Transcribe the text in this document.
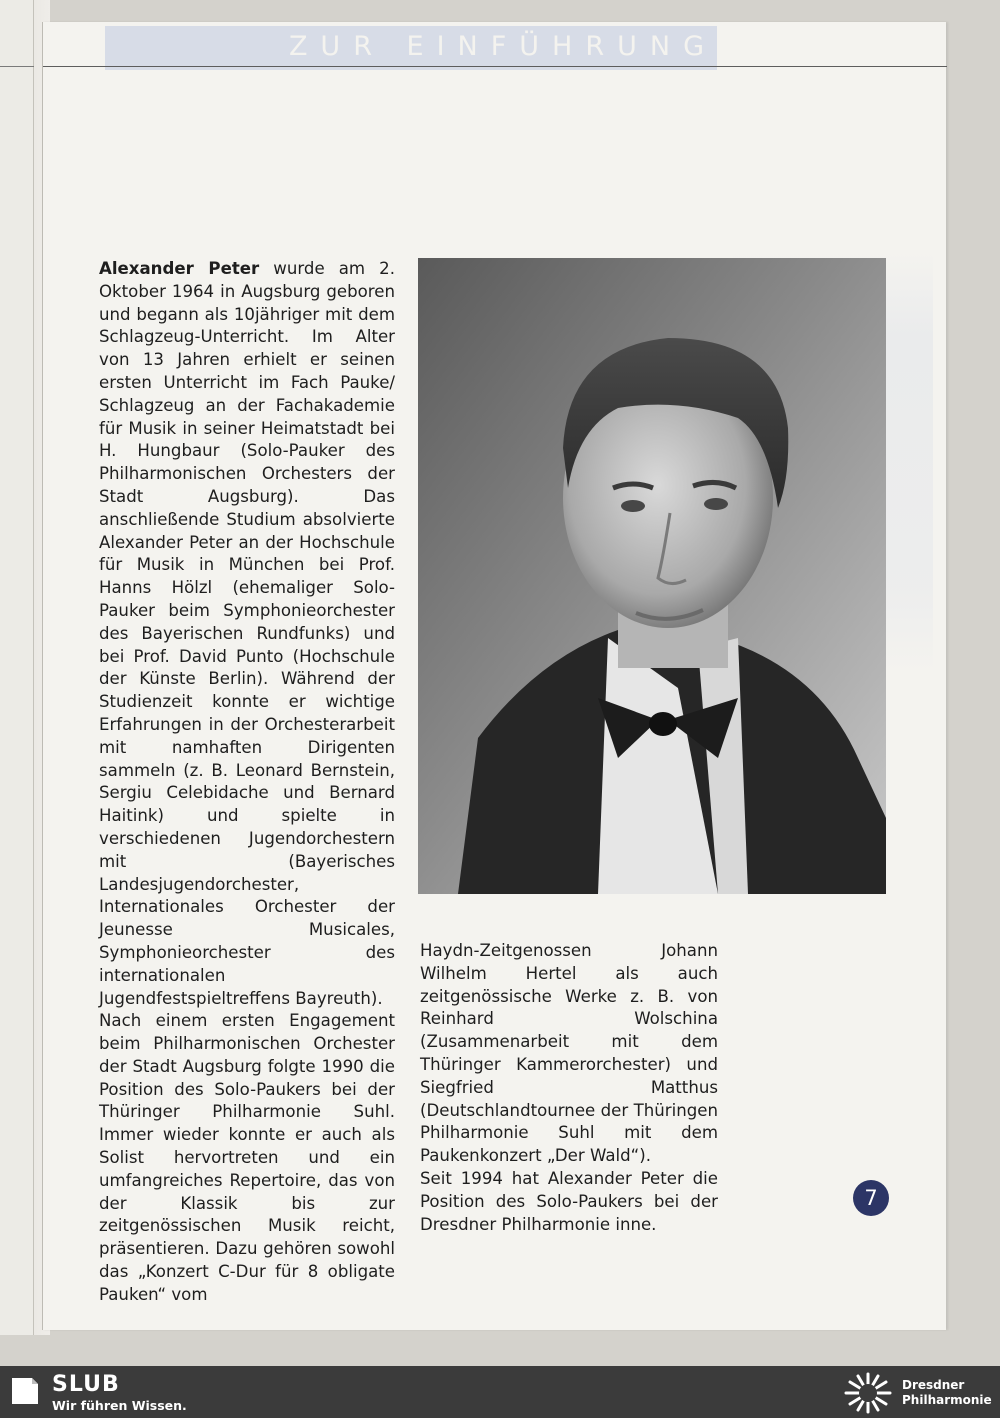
ZUR EINFÜHRUNG

Alexander Peter wurde am 2. Oktober 1964 in Augsburg geboren und begann als 10jähriger mit dem Schlagzeug-Unterricht. Im Alter von 13 Jahren erhielt er seinen ersten Unterricht im Fach Pauke/ Schlagzeug an der Fachakademie für Musik in seiner Heimatstadt bei H. Hungbaur (Solo-Pauker des Philharmonischen Orchesters der Stadt Augsburg). Das anschließende Studium absolvierte Alexander Peter an der Hochschule für Musik in München bei Prof. Hanns Hölzl (ehemaliger Solo-Pauker beim Symphonieorchester des Bayerischen Rundfunks) und bei Prof. David Punto (Hochschule der Künste Berlin). Während der Studienzeit konnte er wichtige Erfahrungen in der Orchesterarbeit mit namhaften Dirigenten sammeln (z. B. Leonard Bernstein, Sergiu Celebidache und Bernard Haitink) und spielte in verschiedenen Jugendorchestern mit (Bayerisches Landesjugendorchester, Internationales Orchester der Jeunesse Musicales, Symphonieorchester des internationalen Jugendfestspieltreffens Bayreuth).

Nach einem ersten Engagement beim Philharmonischen Orchester der Stadt Augsburg folgte 1990 die Position des Solo-Paukers bei der Thüringer Philharmonie Suhl. Immer wieder konnte er auch als Solist hervortreten und ein umfangreiches Repertoire, das von der Klassik bis zur zeitgenössischen Musik reicht, präsentieren. Dazu gehören sowohl das „Konzert C-Dur für 8 obligate Pauken“ vom

Haydn-Zeitgenossen Johann Wilhelm Hertel als auch zeitgenössische Werke z. B. von Reinhard Wolschina (Zusammenarbeit mit dem Thüringer Kammerorchester) und Siegfried Matthus (Deutschlandtournee der Thüringen Philharmonie Suhl mit dem Paukenkonzert „Der Wald“).

Seit 1994 hat Alexander Peter die Position des Solo-Paukers bei der Dresdner Philharmonie inne.

7
SLUB
Wir führen Wissen.
Dresdner
Philharmonie
